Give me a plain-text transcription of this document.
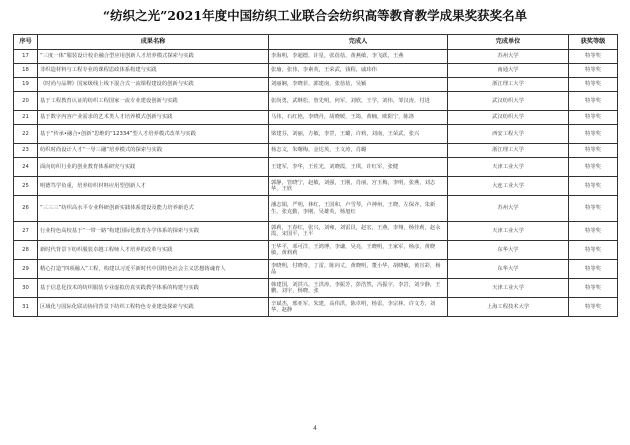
“纺织之光”2021年度中国纺织工业联合会纺织高等教育教学成果奖获奖名单
序号	成果名称	完成人	完成单位	获奖等级
17	“三度一体”服装设计校企融合型应用创新人才培养模式探索与实践	李海明，李超德，许星，张蓓蓓，黄燕敏，李飞跃，王燕	苏州大学	特等奖
18	非织造材料与工程专业的课程思政体系构建与实践	张瑜，张伟，李素英，王荣武，钱程，戚玮伟	南通大学	特等奖
19	《时尚与品牌》国家级线上线下混合式一流课程建设的创新与实践	刘丽娴，李晓菲，郭建南，张蓓蓓，吴颖	浙江理工大学	特等奖
20	基于工程教育认证的纺织工程国家一流专业建设创新与实践	张尚勇，武继松，詹先明，何军，刘欣，王学，刘伟，邹汉涛，付进	武汉纺织大学	特等奖
21	基于数字内容产业需求的艺术类人才培养模式创新与实践	马伟，石红艳，李晓丹，胡晓媛，王筠，黄楠，欧阳宁，陈洛	武汉纺织大学	特等奖
22	基于“传承•融合•创新”思维的“12334”型人才培养模式改革与实践	梁建芬，刘丽，方敏，李罡，王璐，许莉，刘南，王荣武，张兴	西安工程大学	特等奖
23	纺织时尚设计人才“一导三融”培养模式的探索与实践	杨志文，朱曙梅，金达英，王文涛，肖璐	浙江理工大学	特等奖
24	面向纺织行业的创业教育体系研究与实践	王建军，李华，王佐光，刘晓霞，王琪，许红军，张健	天津工业大学	特等奖
25	明德笃学负重，培养纺织材料应用型创新人才	郭静，管晓宁，赵敏，刘强，王刚，肖丽，宫玉梅，李明，张燕，刘志华，王欣	大连工业大学	特等奖
26	“三三三”纺织高水平专业科研创新实践体系建设及能力培养新范式	潘志娟，严明，林红，王国和，卢雪琴，卢神州，王晓，左保齐，朱新生，张克勤，李刚，吴雄英，杨旭红	苏州大学	特等奖
27	行业特色高校基于“一带一路”构建国际化教育办学体系的探索与实践	郭莉，王春红，张兴，刘雍，刘雷艮，赵宏，王燕，李翔，杨佳莉，赵永霞，宋国平，王平	天津工业大学	特等奖
28	新时代背景下纺织服装卓越工程师人才培养的改革与实践	王华平，邓可洋，王鸿博，李谦，吴亮，王晓明，王家军，杨彦，黄晓敏，黄莉莉	东华大学	特等奖
29	精心打造“四项融入”工程，构建以习近平新时代中国特色社会主义思想铸魂育人	李晓明，付晓奇，丁雷，陈向丈，黄晓明，董小华，胡晓敏，黄宣彩，杨晶	东华大学	特等奖
30	基于信息化技术的纺织服装专业虚拟仿真实践教学体系的构建与实践	韩建国，刘洪兴，王洪涛，李振芳，彭浩然，冯振宇，李岩，刘少静，王鹏，刘宇，杨晓，张	天津工业大学	特等奖
31	区域化与国际化联动协同背景下纺织工程特色专业建设探索与实践	辛斌杰，邢亚军，朱建，高伟洪，陈卓明，杨雷，李宗林，许文芳，刘华，赵静	上海工程技术大学	特等奖
4
